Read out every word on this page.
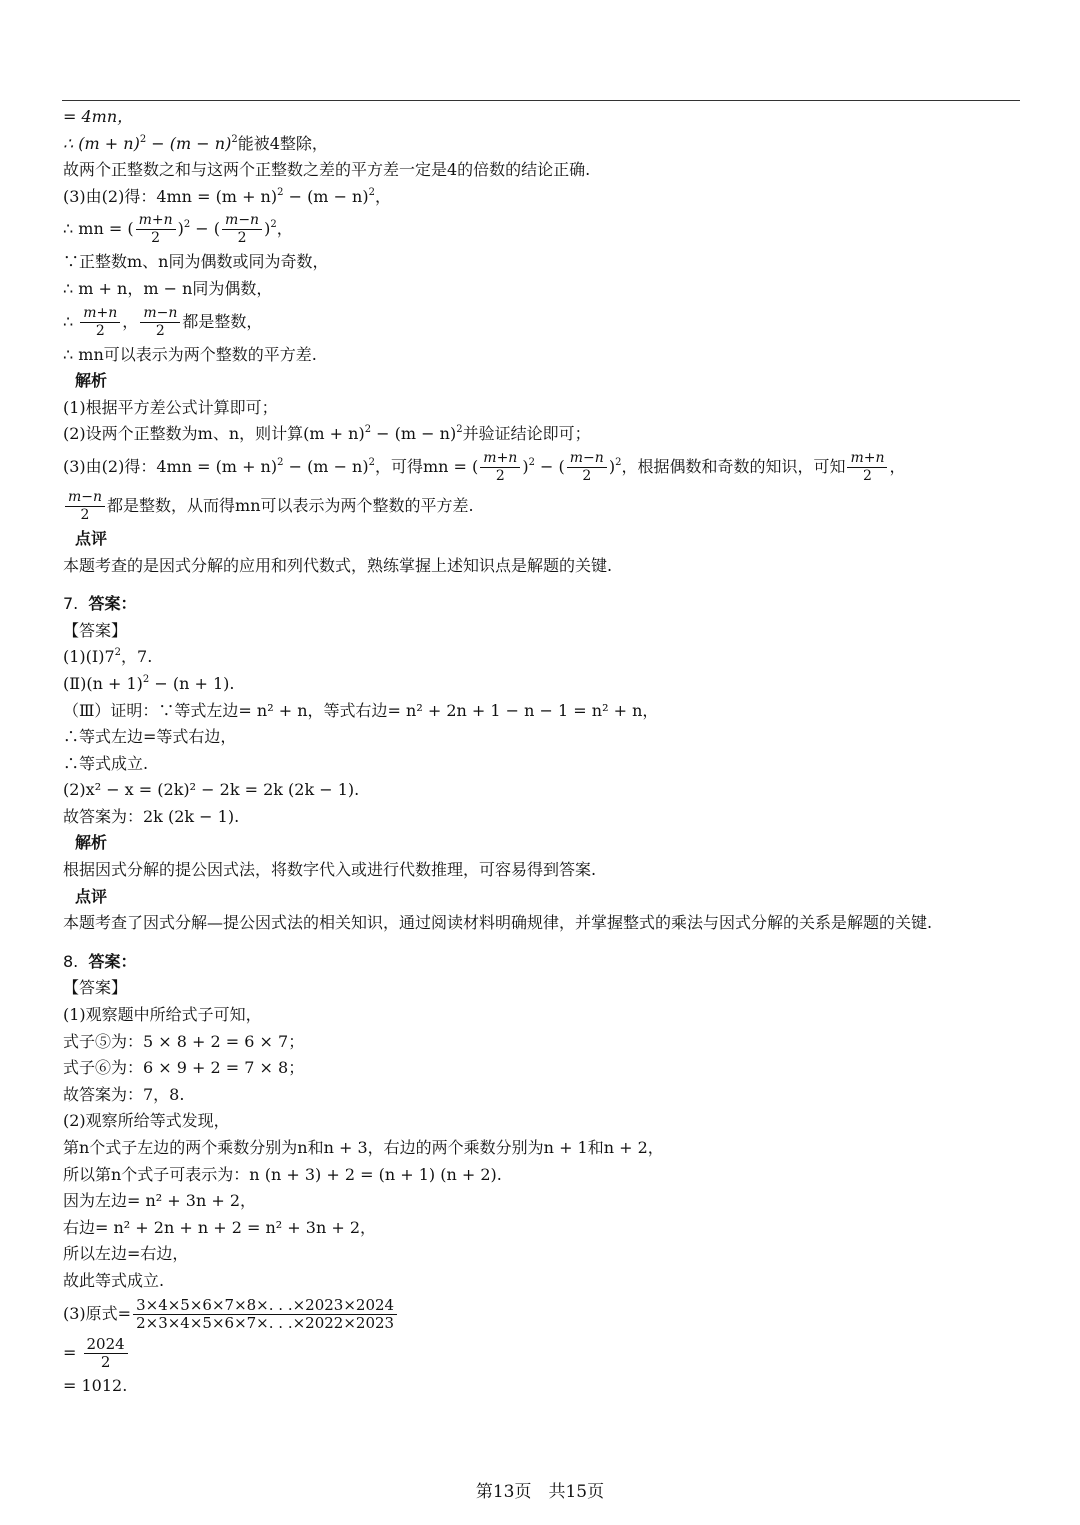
= 4mn，
∴ $(m + n)^2 - (m - n)^2$能被4整除，
故两个正整数之和与这两个正整数之差的平方差一定是4的倍数的结论正确.
(3)由(2)得：$4mn = (m + n)^2 - (m - n)^2$，
∴ mn = ( $\frac{m+n}{2} )^2$ − ( $\frac{m-n}{2} )^2$，
∵正整数m、n同为偶数或同为奇数，
∴ m + n，m − n同为偶数，
∴ $\frac{m+n}{2}$ ， $\frac{m-n}{2}$ 都是整数，
∴ mn可以表示为两个整数的平方差.
解析
(1)根据平方差公式计算即可；
(2)设两个正整数为m、n，则计算$(m + n)^2 - (m - n)^2$并验证结论即可；
(3)由(2)得：$4mn = (m + n)^2 - (m - n)^2$，可得mn = ( $\frac{m+n}{2} )^2$ − ( $\frac{m-n}{2} )^2$，根据偶数和奇数的知识，可知 $\frac{m+n}{2}$ ，
$\frac{m-n}{2}$ 都是整数，从而得mn可以表示为两个整数的平方差.
点评
本题考查的是因式分解的应用和列代数式，熟练掌握上述知识点是解题的关键.
7. 答案：
【答案】
$(1)(I)7^2$，7.
(Ⅱ)(n + 1)$^2$ − (n + 1).
（Ⅲ）证明：∵等式左边= n² + n，等式右边= n² + 2n + 1 − n − 1 = n² + n，
∴等式左边=等式右边，
∴等式成立.
(2)x² − x = (2k)² − 2k = 2k (2k − 1).
故答案为：2k (2k − 1).
解析
根据因式分解的提公因式法，将数字代入或进行代数推理，可容易得到答案.
点评
本题考查了因式分解—提公因式法的相关知识，通过阅读材料明确规律，并掌握整式的乘法与因式分解的关系是解题的关键.
8. 答案：
【答案】
(1)观察题中所给式子可知，
式子⑤为：5 × 8 + 2 = 6 × 7；
式子⑥为：6 × 9 + 2 = 7 × 8；
故答案为：7，8.
(2)观察所给等式发现，
第n个式子左边的两个乘数分别为n和n + 3，右边的两个乘数分别为n + 1和n + 2，
所以第n个式子可表示为：n (n + 3) + 2 = (n + 1) (n + 2).
因为左边= n² + 3n + 2，
右边= n² + 2n + n + 2 = n² + 3n + 2，
所以左边=右边，
故此等式成立.
(3)原式= $\frac{3\times 4\times 5\times 6\times 7\times 8\times. . .\times 2023\times 2024}{2\times 3\times 4\times 5\times 6\times 7\times. . .\times 2022\times 2023}$
= $\frac{2024}{2}$
= 1012.
第13页　共15页
